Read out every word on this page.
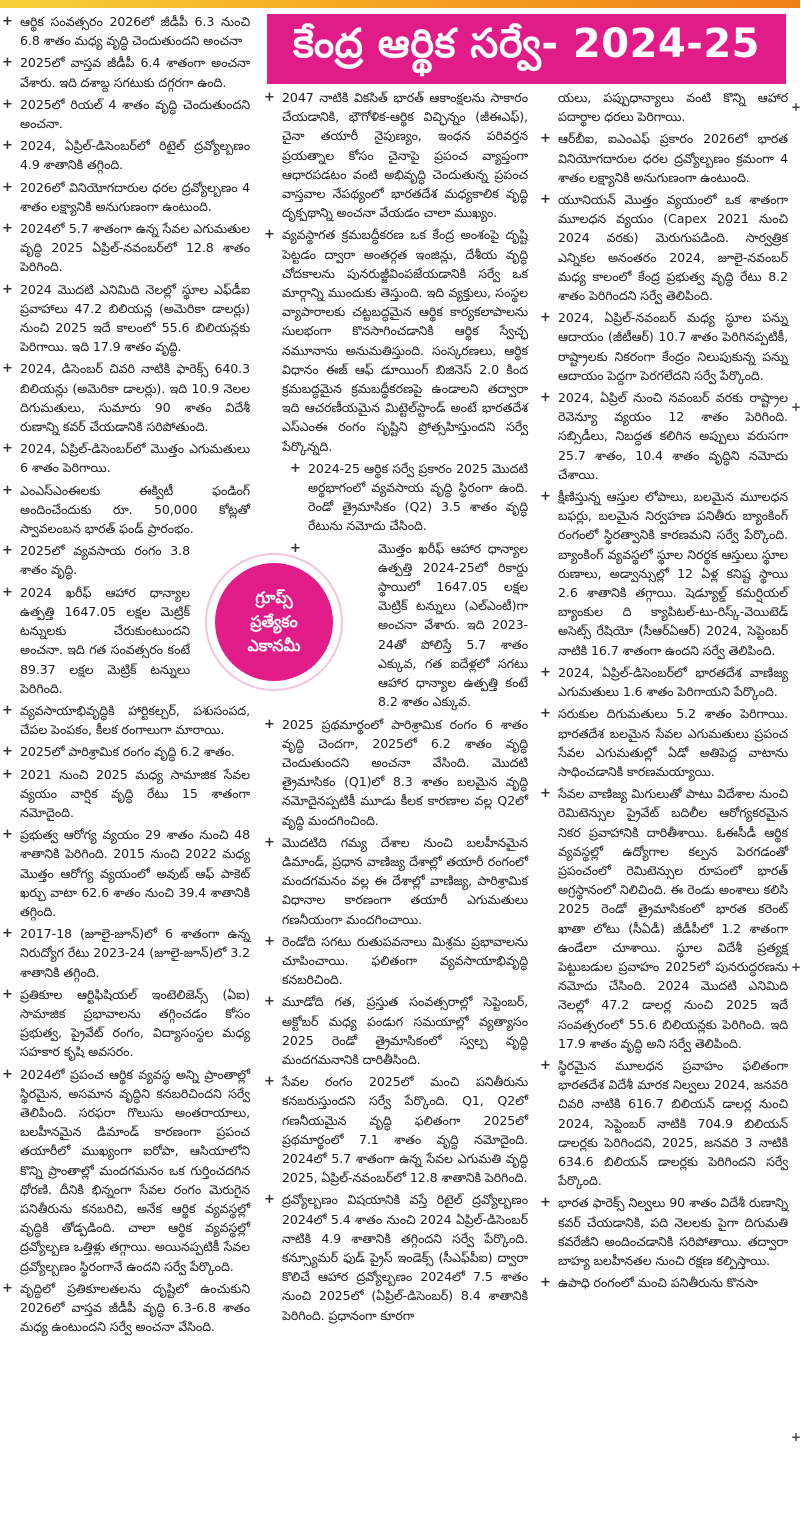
+ ఆర్థిక సంవత్సరం 2026లో జీడీపీ 6.3 నుంచి 6.8 శాతం మధ్య వృద్ధి చెందుతుందని అంచనా
+ 2025లో వాస్తవ జీడీపీ 6.4 శాతంగా అంచనా వేశారు. ఇది దశాబ్ద సగటుకు దగ్గరగా ఉంది.
+ 2025లో రియల్ 4 శాతం వృద్ధి చెందుతుందని అంచనా.
+ 2024, ఏప్రిల్-డిసెంబర్‌లో రిటైల్ ద్రవ్యోల్బణం 4.9 శాతానికి తగ్గింది.
+ 2026లో వినియోగదారుల ధరల ద్రవ్యోల్బణం 4 శాతం లక్ష్యానికి అనుగుణంగా ఉంటుంది.
+ 2024లో 5.7 శాతంగా ఉన్న సేవల ఎగుమతుల వృద్ధి 2025 ఏప్రిల్-నవంబర్‌లో 12.8 శాతం పెరిగింది.
+ 2024 మొదటి ఎనిమిది నెలల్లో స్థూల ఎఫ్‌డీఐ ప్రవాహాలు 47.2 బిలియన్ల (అమెరికా డాలర్లు) నుంచి 2025 ఇదే కాలంలో 55.6 బిలియన్లకు పెరిగాయి. ఇది 17.9 శాతం వృద్ధి.
+ 2024, డిసెంబర్ చివరి నాటికి ఫారెక్స్ 640.3 బిలియన్లు (అమెరికా డాలర్లు). ఇది 10.9 నెలల దిగుమతులు, సుమారు 90 శాతం విదేశీ రుణాన్ని కవర్ చేయడానికి సరిపోతుంది.
+ 2024, ఏప్రిల్-డిసెంబర్‌లో మొత్తం ఎగుమతులు 6 శాతం పెరిగాయి.
+ ఎంఎస్ఎంఈలకు ఈక్విటీ ఫండింగ్ అందించేందుకు రూ. 50,000 కోట్లతో స్వావలంబన భారత్ ఫండ్ ప్రారంభం.
+ 2025లో వ్యవసాయ రంగం 3.8 శాతం వృద్ధి.
+ 2024 ఖరీఫ్ ఆహార ధాన్యాల ఉత్పత్తి 1647.05 లక్షల మెట్రిక్ టన్నులకు చేరుకుంటుందని అంచనా. ఇది గత సంవత్సరం కంటే 89.37 లక్షల మెట్రిక్ టన్నులు పెరిగింది.
+ వ్యవసాయాభివృద్ధికి హార్టికల్చర్, పశుసంపద, చేపల పెంపకం, కీలక రంగాలుగా మారాయి.
+ 2025లో పారిశ్రామిక రంగం వృద్ధి 6.2 శాతం.
+ 2021 నుంచి 2025 మధ్య సామాజిక సేవల వ్యయం వార్షిక వృద్ధి రేటు 15 శాతంగా నమోదైంది.
+ ప్రభుత్వ ఆరోగ్య వ్యయం 29 శాతం నుంచి 48 శాతానికి పెరిగింది. 2015 నుంచి 2022 మధ్య మొత్తం ఆరోగ్య వ్యయంలో అవుట్ ఆఫ్ పాకెట్ ఖర్చు వాటా 62.6 శాతం నుంచి 39.4 శాతానికి తగ్గింది.
+ 2017-18 (జూలై-జూన్)లో 6 శాతంగా ఉన్న నిరుద్యోగ రేటు 2023-24 (జూలై-జూన్)లో 3.2 శాతానికి తగ్గింది.
+ ప్రతికూల ఆర్టిఫిషియల్ ఇంటెలిజెన్స్ (ఏఐ) సామాజిక ప్రభావాలను తగ్గించడం కోసం ప్రభుత్వ, ప్రైవేట్ రంగం, విద్యాసంస్థల మధ్య సహకార కృషి అవసరం.
+ 2024లో ప్రపంచ ఆర్థిక వ్యవస్థ అన్ని ప్రాంతాల్లో స్థిరమైన, అసమాన వృద్ధిని కనబరిచిందని సర్వే తెలిపింది. సరఫరా గొలుసు అంతరాయాలు, బలహీనమైన డిమాండ్ కారణంగా ప్రపంచ తయారీలో ముఖ్యంగా ఐరోపా, ఆసియాలోని కొన్ని ప్రాంతాల్లో మందగమనం ఒక గుర్తించదగిన ధోరణి. దీనికి భిన్నంగా సేవల రంగం మెరుగైన పనితీరును కనబరిచి, అనేక ఆర్థిక వ్యవస్థల్లో వృద్ధికి తోడ్పడింది. చాలా ఆర్థిక వ్యవస్థల్లో ద్రవ్యోల్బణ ఒత్తిళ్లు తగ్గాయి. అయినప్పటికీ సేవల ద్రవ్యోల్బణం స్థిరంగానే ఉందని సర్వే పేర్కొంది.
+ వృద్ధిలో ప్రతికూలతలను దృష్టిలో ఉంచుకుని 2026లో వాస్తవ జీడీపీ వృద్ధి 6.3-6.8 శాతం మధ్య ఉంటుందని సర్వే అంచనా వేసింది.
కేంద్ర ఆర్థిక సర్వే- 2024-25
+ 2047 నాటికి వికసిత్ భారత్ ఆకాంక్షలను సాకారం చేయడానికి, భౌగోళిక-ఆర్థిక విచ్ఛిన్నం (జీఈఎఫ్), చైనా తయారీ నైపుణ్యం, ఇంధన పరివర్తన ప్రయత్నాల కోసం చైనాపై ప్రపంచ వ్యాప్తంగా ఆధారపడటం వంటి అభివృద్ధి చెందుతున్న ప్రపంచ వాస్తవాల నేపథ్యంలో భారతదేశ మధ్యకాలిక వృద్ధి దృక్పథాన్ని అంచనా వేయడం చాలా ముఖ్యం.
+ వ్యవస్థాగత క్రమబద్ధీకరణ ఒక కేంద్ర అంశంపై దృష్టి పెట్టడం ద్వారా అంతర్గత ఇంజిన్లు, దేశీయ వృద్ధి చోదకాలను పునరుజ్జీవింపజేయడానికి సర్వే ఒక మార్గాన్ని ముందుకు తెస్తుంది. ఇది వ్యక్తులు, సంస్థల వ్యాపారాలకు చట్టబద్ధమైన ఆర్థిక కార్యకలాపాలను సులభంగా కొనసాగించడానికి ఆర్థిక స్వేచ్ఛ నమూనాను అనుమతిస్తుంది. సంస్కరణలు, ఆర్థిక విధానం ఈజ్ ఆఫ్ డూయింగ్ బిజినెస్ 2.0 కింద క్రమబద్ధమైన క్రమబద్ధీకరణపై ఉండాలని తద్వారా ఇది ఆచరణీయమైన మిట్టెల్‌స్టాండ్ అంటే భారతదేశ ఎస్ఎంఈ రంగం సృష్టిని ప్రోత్సహిస్తుందని సర్వే పేర్కొన్నది.
+ 2024-25 ఆర్థిక సర్వే ప్రకారం 2025 మొదటి అర్థభాగంలో వ్యవసాయ వృద్ధి స్థిరంగా ఉంది. రెండో త్రైమాసికం (Q2) 3.5 శాతం వృద్ధి రేటును నమోదు చేసింది.
+	మొత్తం ఖరీఫ్ ఆహార ధాన్యాల ఉత్పత్తి 2024-25లో రికార్డు స్థాయిలో 1647.05 లక్షల మెట్రిక్ టన్నులు (ఎల్‌ఎంటీ)గా అంచనా వేశారు. ఇది 2023-24తో పోలిస్తే 5.7 శాతం ఎక్కువ, గత ఐదేళ్లలో సగటు ఆహార ధాన్యాల ఉత్పత్తి కంటే 8.2 శాతం ఎక్కువ.
+ 2025 ప్రథమార్థంలో పారిశ్రామిక రంగం 6 శాతం వృద్ధి చెందగా, 2025లో 6.2 శాతం వృద్ధి చెందుతుందని అంచనా వేసింది. మొదటి త్రైమాసికం (Q1)లో 8.3 శాతం బలమైన వృద్ధి నమోదైనప్పటికీ మూడు కీలక కారణాల వల్ల Q2లో వృద్ధి మందగించింది.
+ మొదటిది గమ్య దేశాల నుంచి బలహీనమైన డిమాండ్, ప్రధాన వాణిజ్య దేశాల్లో తయారీ రంగంలో మందగమనం వల్ల ఈ దేశాల్లో వాణిజ్య, పారిశ్రామిక విధానాల కారణంగా తయారీ ఎగుమతులు గణనీయంగా మందగించాయి.
+ రెండోది సగటు రుతుపవనాలు మిశ్రమ ప్రభావాలను చూపించాయి. ఫలితంగా వ్యవసాయాభివృద్ధి కనబరిచింది.
+ మూడోది గత, ప్రస్తుత సంవత్సరాల్లో సెప్టెంబర్, అక్టోబర్ మధ్య పండుగ సమయాల్లో వ్యత్యాసం 2025 రెండో త్రైమాసికంలో స్వల్ప వృద్ధి మందగమనానికి దారితీసింది.
+ సేవల రంగం 2025లో మంచి పనితీరును కనబరుస్తుందని సర్వే పేర్కొంది. Q1, Q2లో గణనీయమైన వృద్ధి ఫలితంగా 2025లో ప్రథమార్థంలో 7.1 శాతం వృద్ధి నమోదైంది. 2024లో 5.7 శాతంగా ఉన్న సేవల ఎగుమతి వృద్ధి 2025, ఏప్రిల్-నవంబర్‌లో 12.8 శాతానికి పెరిగింది.
+ ద్రవ్యోల్బణం విషయానికి వస్తే రిటైల్ ద్రవ్యోల్బణం 2024లో 5.4 శాతం నుంచి 2024 ఏప్రిల్-డిసెంబర్ నాటికి 4.9 శాతానికి తగ్గిందని సర్వే పేర్కొంది. కన్స్యూమర్ ఫుడ్ ప్రైస్ ఇండెక్స్ (సీఎఫ్‌పీఐ) ద్వారా కొలిచే ఆహార ద్రవ్యోల్బణం 2024లో 7.5 శాతం నుంచి 2025లో (ఏప్రిల్-డిసెంబర్) 8.4 శాతానికి పెరిగింది. ప్రధానంగా కూరగా
యలు, పప్పుధాన్యాలు వంటి కొన్ని ఆహార పదార్థాల ధరలు పెరిగాయి.
+ ఆర్‌బీఐ, ఐఎంఎఫ్ ప్రకారం 2026లో భారత వినియోగదారుల ధరల ద్రవ్యోల్బణం క్రమంగా 4 శాతం లక్ష్యానికి అనుగుణంగా ఉంటుంది.
+ యూనియన్ మొత్తం వ్యయంలో ఒక శాతంగా మూలధన వ్యయం (Capex 2021 నుంచి 2024 వరకు) మెరుగుపడింది. సార్వత్రిక ఎన్నికల అనంతరం 2024, జూలై-నవంబర్ మధ్య కాలంలో కేంద్ర ప్రభుత్వ వృద్ధి రేటు 8.2 శాతం పెరిగిందని సర్వే తెలిపింది.
+ 2024, ఏప్రిల్-నవంబర్ మధ్య స్థూల పన్ను ఆదాయం (జీటీఆర్) 10.7 శాతం పెరిగినప్పటికీ, రాష్ట్రాలకు నికరంగా కేంద్రం నిలుపుకున్న పన్ను ఆదాయం పెద్దగా పెరగలేదని సర్వే పేర్కొంది.
+ 2024, ఏప్రిల్ నుంచి నవంబర్ వరకు రాష్ట్రాల రెవెన్యూ వ్యయం 12 శాతం పెరిగింది. సబ్సిడీలు, నిబద్ధత కలిగిన అప్పులు వరుసగా 25.7 శాతం, 10.4 శాతం వృద్ధిని నమోదు చేశాయి.
+ క్షీణిస్తున్న ఆస్తుల లోపాలు, బలమైన మూలధన బఫర్లు, బలమైన నిర్వహణ పనితీరు బ్యాంకింగ్ రంగంలో స్థిరత్వానికి కారణమని సర్వే పేర్కొంది. బ్యాంకింగ్ వ్యవస్థలో స్థూల నిరర్థక ఆస్తులు స్థూల రుణాలు, అడ్వాన్సుల్లో 12 ఏళ్ల కనిష్ట స్థాయి 2.6 శాతానికి తగ్గాయి. షెడ్యూల్డ్ కమర్షియల్ బ్యాంకుల ది క్యాపిటల్-టు-రిస్క్-వెయిటెడ్ అసెట్స్ రేషియో (సీఆర్ఏఆర్) 2024, సెప్టెంబర్ నాటికి 16.7 శాతంగా ఉందని సర్వే తెలిపింది.
+ 2024, ఏప్రిల్-డిసెంబర్‌లో భారతదేశ వాణిజ్య ఎగుమతులు 1.6 శాతం పెరిగాయని పేర్కొంది.
+ సరుకుల దిగుమతులు 5.2 శాతం పెరిగాయి. భారతదేశ బలమైన సేవల ఎగుమతులు ప్రపంచ సేవల ఎగుమతుల్లో ఏడో అతిపెద్ద వాటాను సాధించడానికి కారణమయ్యాయి.
+ సేవల వాణిజ్య మిగులుతో పాటు విదేశాల నుంచి రెమిటెన్సుల ప్రైవేట్ బదిలీల ఆరోగ్యకరమైన నికర ప్రవాహానికి దారితీశాయి. ఓఈసీడీ ఆర్థిక వ్యవస్థల్లో ఉద్యోగాల కల్పన పెరగడంతో ప్రపంచంలో రెమిటెన్సుల రూపంలో భారత్ అగ్రస్థానంలో నిలిచింది. ఈ రెండు అంశాలు కలిసి 2025 రెండో త్రైమాసికంలో భారత కరెంట్ ఖాతా లోటు (సీఏడీ) జీడీపీలో 1.2 శాతంగా ఉండేలా చూశాయి. స్థూల విదేశీ ప్రత్యక్ష పెట్టుబడుల ప్రవాహం 2025లో పునరుద్ధరణను నమోదు చేసింది. 2024 మొదటి ఎనిమిది నెలల్లో 47.2 డాలర్ల నుంచి 2025 ఇదే సంవత్సరంలో 55.6 బిలియన్లకు పెరిగింది. ఇది 17.9 శాతం వృద్ధి అని సర్వే తెలిపింది.
+ స్థిరమైన మూలధన ప్రవాహం ఫలితంగా భారతదేశ విదేశీ మారక నిల్వలు 2024, జనవరి చివరి నాటికి 616.7 బిలియన్ డాలర్ల నుంచి 2024, సెప్టెంబర్ నాటికి 704.9 బిలియన్ డాలర్లకు పెరిగిందని, 2025, జనవరి 3 నాటికి 634.6 బిలియన్ డాలర్లకు పెరిగిందని సర్వే పేర్కొంది.
+ భారత ఫారెక్స్ నిల్వలు 90 శాతం విదేశీ రుణాన్ని కవర్ చేయడానికి, పది నెలలకు పైగా దిగుమతి కవరేజీని అందించడానికి సరిపోతాయి. తద్వారా బాహ్య బలహీనతల నుంచి రక్షణ కల్పిస్తాయి.
+ ఉపాధి రంగంలో మంచి పనితీరును కొనసా
గ్రూప్స్
ప్రత్యేకం
ఎకానమీ
+
+
+
+
